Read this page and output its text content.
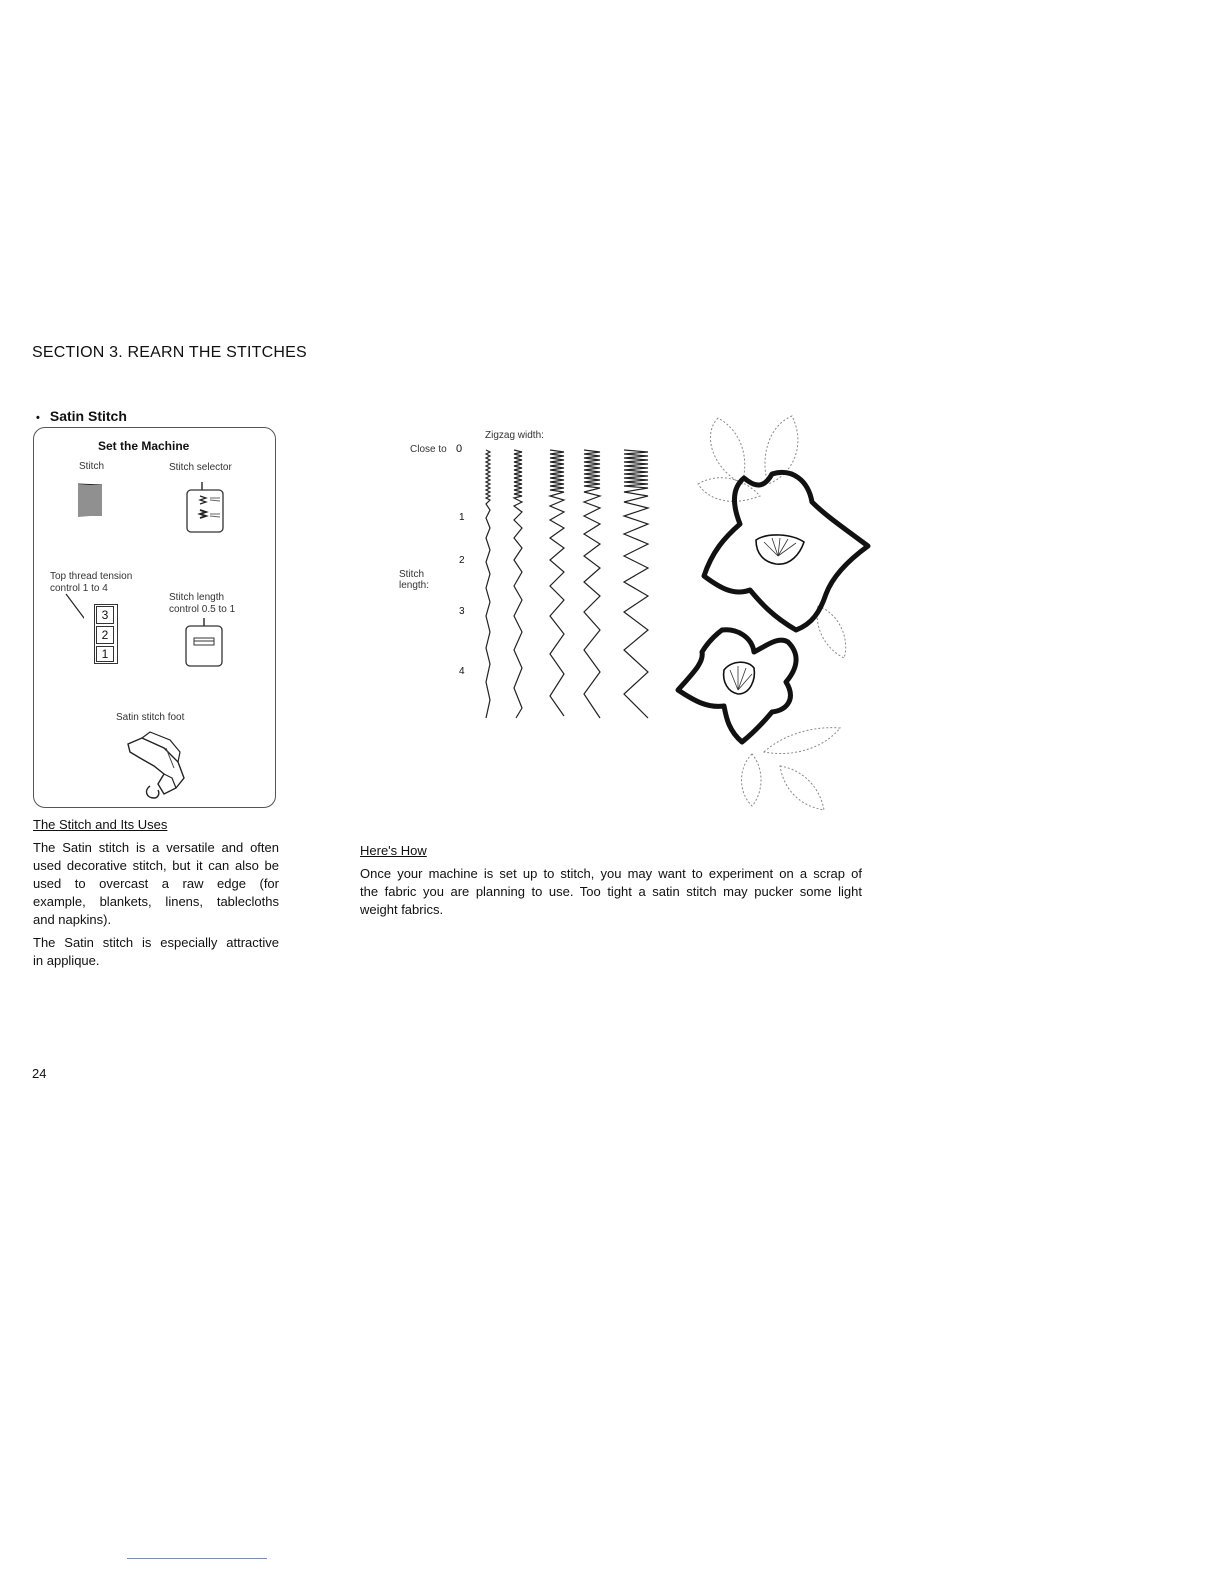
SECTION 3. REARN THE STITCHES
• Satin Stitch
Set the Machine
Stitch	Stitch selector
Top thread tension
control 1 to 4
3
2
1
Stitch length
control 0.5 to 1
Satin stitch foot
The Stitch and Its Uses
The Satin stitch is a versatile and often
used decorative stitch, but it can also be
used to overcast a raw edge (for
example, blankets, linens, tablecloths
and napkins).
The Satin stitch is especially attractive
in applique.
Zigzag width:
Close to 0
1
2
3
4
Stitch
length:
Here's How
Once your machine is set up to stitch, you may want to experiment on a scrap of
the fabric you are planning to use. Too tight a satin stitch may pucker some light
weight fabrics.
24
